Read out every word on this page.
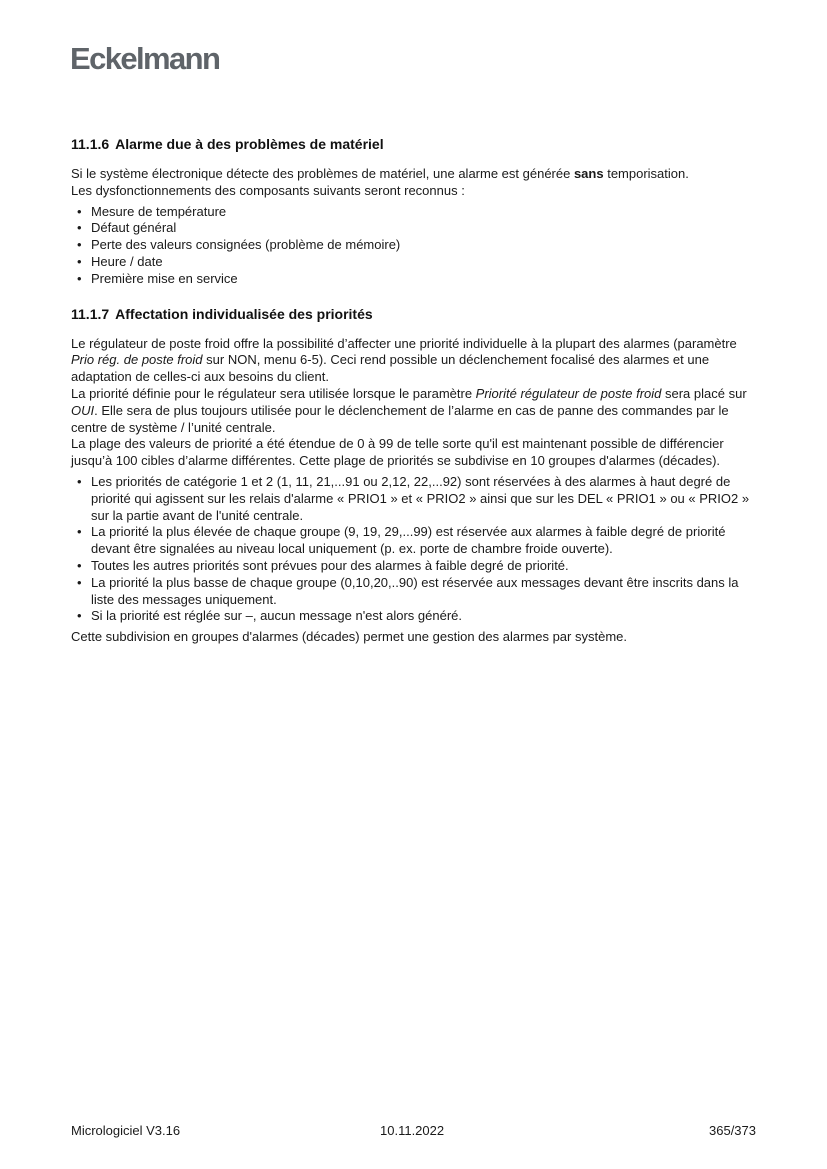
Eckelmann
11.1.6 Alarme due à des problèmes de matériel

Si le système électronique détecte des problèmes de matériel, une alarme est générée sans temporisation.
Les dysfonctionnements des composants suivants seront reconnus :

• Mesure de température
• Défaut général
• Perte des valeurs consignées (problème de mémoire)
• Heure / date
• Première mise en service
11.1.7 Affectation individualisée des priorités

Le régulateur de poste froid offre la possibilité d’affecter une priorité individuelle à la plupart des alarmes (paramètre Prio rég. de poste froid sur NON, menu 6-5). Ceci rend possible un déclenchement focalisé des alarmes et une adaptation de celles-ci aux besoins du client.
La priorité définie pour le régulateur sera utilisée lorsque le paramètre Priorité régulateur de poste froid sera placé sur OUI. Elle sera de plus toujours utilisée pour le déclenchement de l’alarme en cas de panne des commandes par le centre de système / l’unité centrale.
La plage des valeurs de priorité a été étendue de 0 à 99 de telle sorte qu'il est maintenant possible de différencier jusqu’à 100 cibles d’alarme différentes. Cette plage de priorités se subdivise en 10 groupes d'alarmes (décades).

• Les priorités de catégorie 1 et 2 (1, 11, 21,...91 ou 2,12, 22,...92) sont réservées à des alarmes à haut degré de priorité qui agissent sur les relais d'alarme « PRIO1 » et « PRIO2 » ainsi que sur les DEL « PRIO1 » ou « PRIO2 » sur la partie avant de l'unité centrale.
• La priorité la plus élevée de chaque groupe (9, 19, 29,...99) est réservée aux alarmes à faible degré de priorité devant être signalées au niveau local uniquement (p. ex. porte de chambre froide ouverte).
• Toutes les autres priorités sont prévues pour des alarmes à faible degré de priorité.
• La priorité la plus basse de chaque groupe (0,10,20,..90) est réservée aux messages devant être inscrits dans la liste des messages uniquement.
• Si la priorité est réglée sur –, aucun message n'est alors généré.

Cette subdivision en groupes d'alarmes (décades) permet une gestion des alarmes par système.

Micrologiciel V3.16	10.11.2022	365/373
